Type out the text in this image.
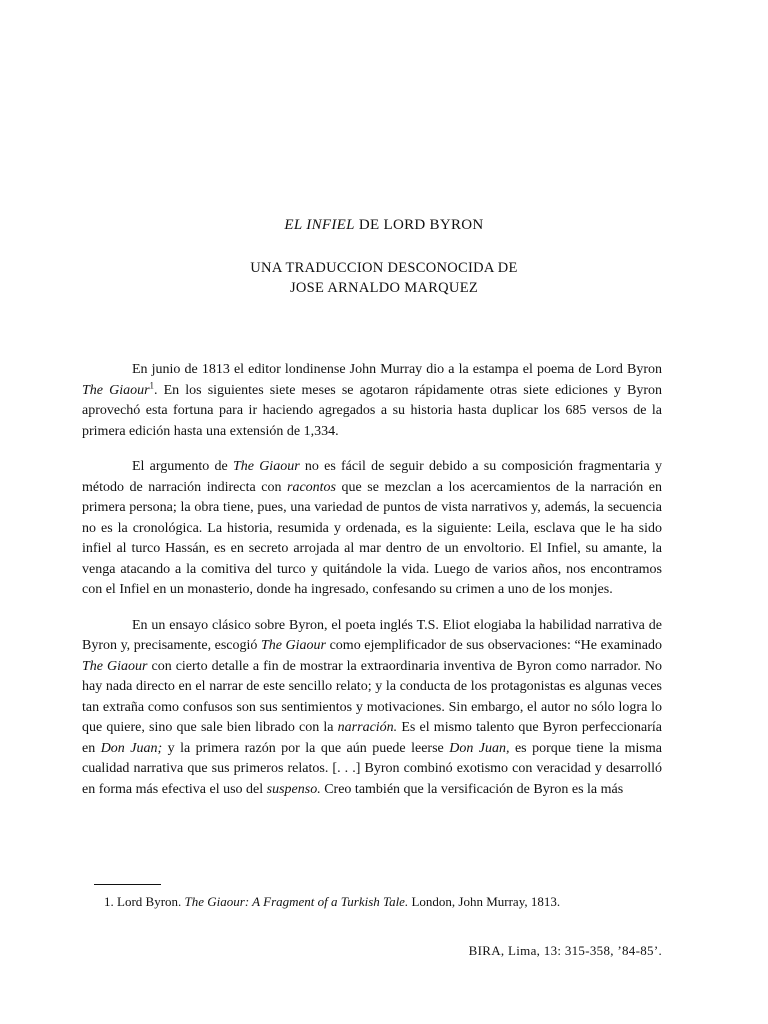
EL INFIEL DE LORD BYRON
UNA TRADUCCION DESCONOCIDA DE
JOSE ARNALDO MARQUEZ

En junio de 1813 el editor londinense John Murray dio a la estampa el poema de Lord Byron The Giaour$^1$. En los siguientes siete meses se agotaron rápidamente otras siete ediciones y Byron aprovechó esta fortuna para ir haciendo agregados a su historia hasta duplicar los 685 versos de la primera edición hasta una extensión de 1,334.

El argumento de The Giaour no es fácil de seguir debido a su composición fragmentaria y método de narración indirecta con racontos que se mezclan a los acercamientos de la narración en primera persona; la obra tiene, pues, una variedad de puntos de vista narrativos y, además, la secuencia no es la cronológica. La historia, resumida y ordenada, es la siguiente: Leila, esclava que le ha sido infiel al turco Hassán, es en secreto arrojada al mar dentro de un envoltorio. El Infiel, su amante, la venga atacando a la comitiva del turco y quitándole la vida. Luego de varios años, nos encontramos con el Infiel en un monasterio, donde ha ingresado, confesando su crimen a uno de los monjes.

En un ensayo clásico sobre Byron, el poeta inglés T.S. Eliot elogiaba la habilidad narrativa de Byron y, precisamente, escogió The Giaour como ejemplificador de sus observaciones: “He examinado The Giaour con cierto detalle a fin de mostrar la extraordinaria inventiva de Byron como narrador. No hay nada directo en el narrar de este sencillo relato; y la conducta de los protagonistas es algunas veces tan extraña como confusos son sus sentimientos y motivaciones. Sin embargo, el autor no sólo logra lo que quiere, sino que sale bien librado con la narración. Es el mismo talento que Byron perfeccionaría en Don Juan; y la primera razón por la que aún puede leerse Don Juan, es porque tiene la misma cualidad narrativa que sus primeros relatos. [. . .] Byron combinó exotismo con veracidad y desarrolló en forma más efectiva el uso del suspenso. Creo también que la versificación de Byron es la más

1. Lord Byron. The Giaour: A Fragment of a Turkish Tale. London, John Murray, 1813.
BIRA, Lima, 13: 315-358, ’84-85’.
